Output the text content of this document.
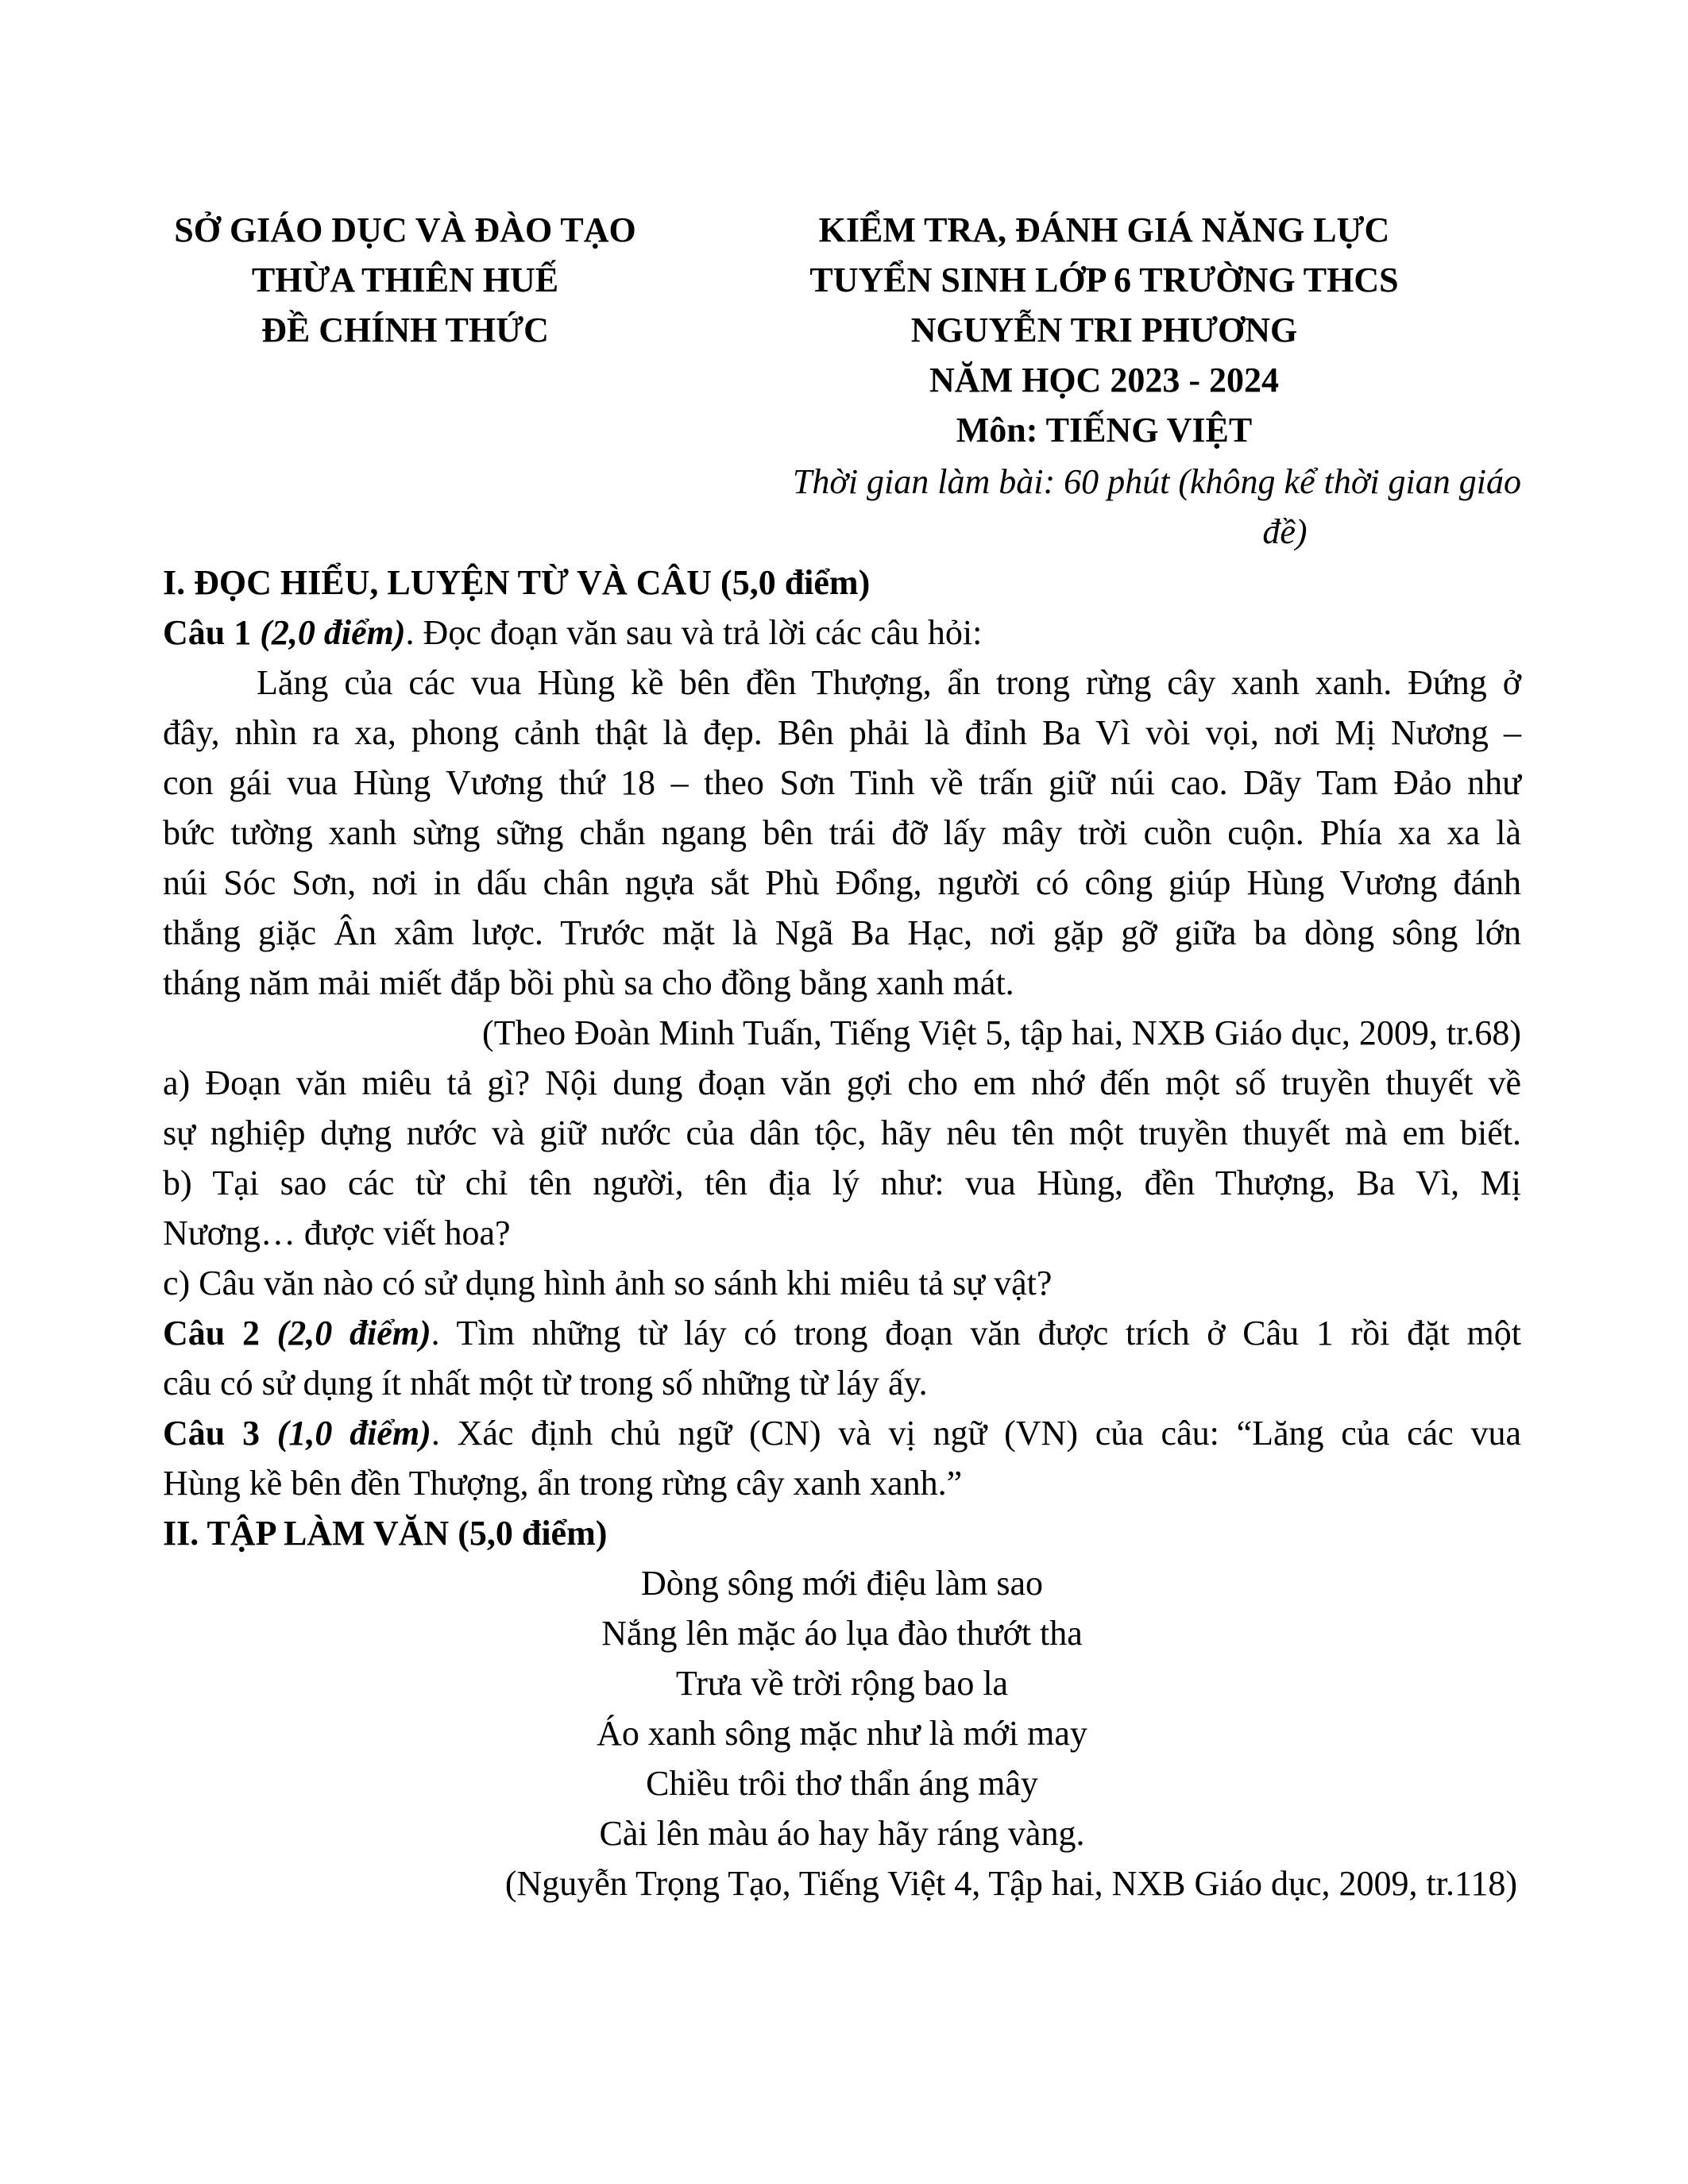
SỞ GIÁO DỤC VÀ ĐÀO TẠO
THỪA THIÊN HUẾ
ĐỀ CHÍNH THỨC
KIỂM TRA, ĐÁNH GIÁ NĂNG LỰC
TUYỂN SINH LỚP 6 TRƯỜNG THCS
NGUYỄN TRI PHƯƠNG
NĂM HỌC 2023 - 2024
Môn: TIẾNG VIỆT
Thời gian làm bài: 60 phút (không kể thời gian giáo
đề)
I. ĐỌC HIỂU, LUYỆN TỪ VÀ CÂU (5,0 điểm)
Câu 1 (2,0 điểm). Đọc đoạn văn sau và trả lời các câu hỏi:
Lăng của các vua Hùng kề bên đền Thượng, ẩn trong rừng cây xanh xanh. Đứng ở
đây, nhìn ra xa, phong cảnh thật là đẹp. Bên phải là đỉnh Ba Vì vòi vọi, nơi Mị Nương –
con gái vua Hùng Vương thứ 18 – theo Sơn Tinh về trấn giữ núi cao. Dãy Tam Đảo như
bức tường xanh sừng sững chắn ngang bên trái đỡ lấy mây trời cuồn cuộn. Phía xa xa là
núi Sóc Sơn, nơi in dấu chân ngựa sắt Phù Đổng, người có công giúp Hùng Vương đánh
thắng giặc Ân xâm lược. Trước mặt là Ngã Ba Hạc, nơi gặp gỡ giữa ba dòng sông lớn
tháng năm mải miết đắp bồi phù sa cho đồng bằng xanh mát.
(Theo Đoàn Minh Tuấn, Tiếng Việt 5, tập hai, NXB Giáo dục, 2009, tr.68)
a) Đoạn văn miêu tả gì? Nội dung đoạn văn gợi cho em nhớ đến một số truyền thuyết về
sự nghiệp dựng nước và giữ nước của dân tộc, hãy nêu tên một truyền thuyết mà em biết.
b) Tại sao các từ chỉ tên người, tên địa lý như: vua Hùng, đền Thượng, Ba Vì, Mị
Nương… được viết hoa?
c) Câu văn nào có sử dụng hình ảnh so sánh khi miêu tả sự vật?
Câu 2 (2,0 điểm). Tìm những từ láy có trong đoạn văn được trích ở Câu 1 rồi đặt một
câu có sử dụng ít nhất một từ trong số những từ láy ấy.
Câu 3 (1,0 điểm). Xác định chủ ngữ (CN) và vị ngữ (VN) của câu: “Lăng của các vua
Hùng kề bên đền Thượng, ẩn trong rừng cây xanh xanh.”
II. TẬP LÀM VĂN (5,0 điểm)
Dòng sông mới điệu làm sao
Nắng lên mặc áo lụa đào thướt tha
Trưa về trời rộng bao la
Áo xanh sông mặc như là mới may
Chiều trôi thơ thẩn áng mây
Cài lên màu áo hay hãy ráng vàng.
(Nguyễn Trọng Tạo, Tiếng Việt 4, Tập hai, NXB Giáo dục, 2009, tr.118)
